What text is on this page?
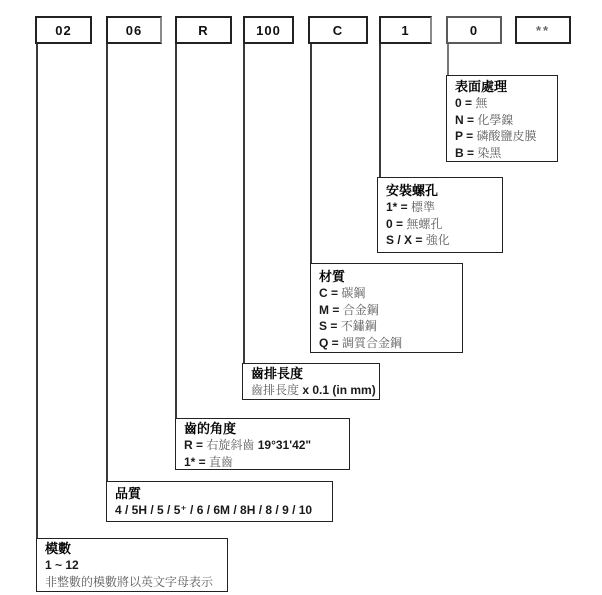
02	06	R	100	C	1	0	**
表面處理
0 = 無
N = 化學鎳
P = 磷酸鹽皮膜
B = 染黑
安裝螺孔
1* = 標準
0 = 無螺孔
S / X = 強化
材質
C = 碳鋼
M = 合金鋼
S = 不鏽鋼
Q = 調質合金鋼
齒排長度
齒排長度 x 0.1 (in mm)
齒的角度
R = 右旋斜齒 19°31'42"
1* = 直齒
品質
4 / 5H / 5 / 5⁺ / 6 / 6M / 8H / 8 / 9 / 10
模數
1 ~ 12
非整數的模數將以英文字母表示
